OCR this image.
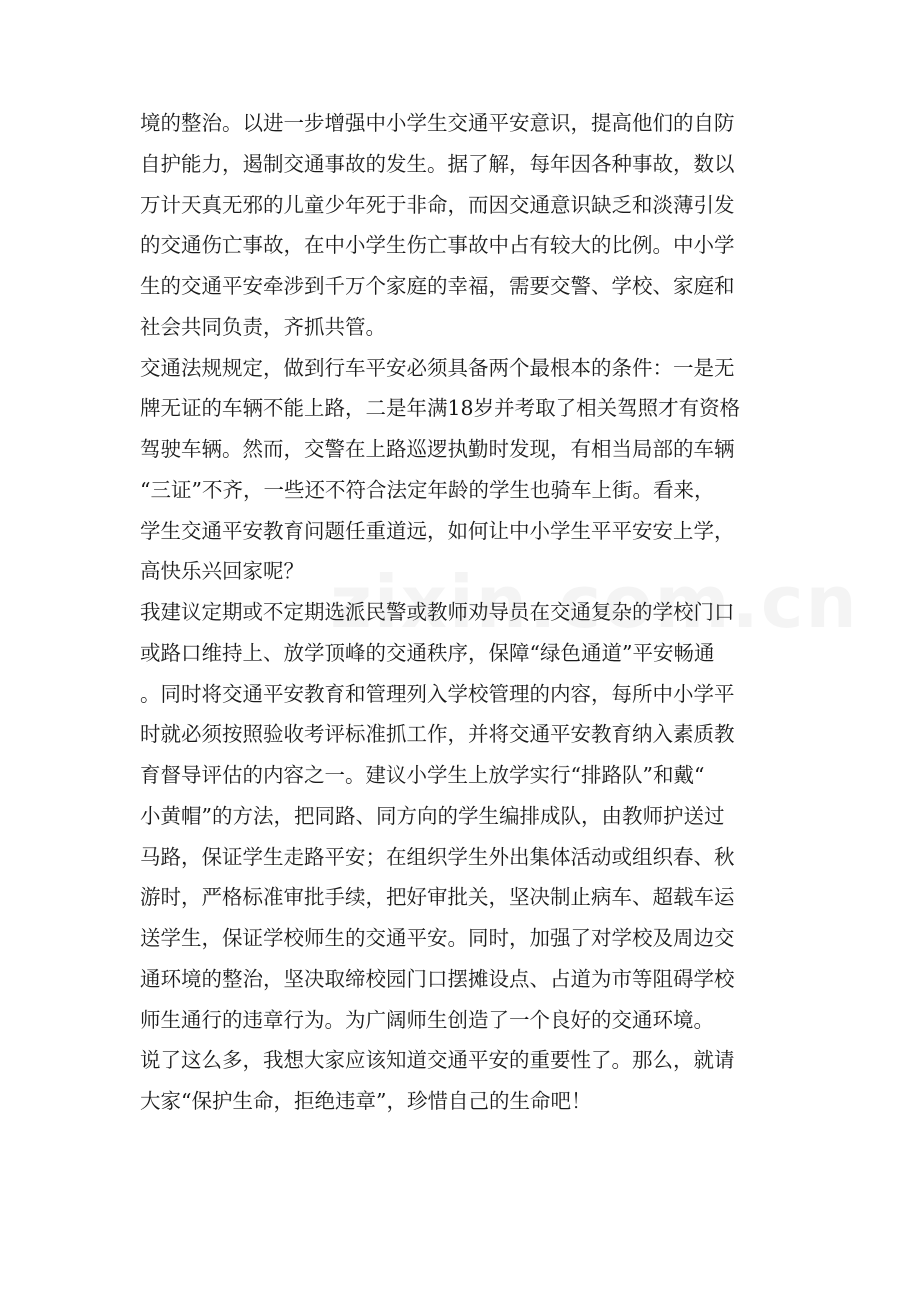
境的整治。以进一步增强中小学生交通平安意识，提高他们的自防
自护能力，遏制交通事故的发生。据了解，每年因各种事故，数以
万计天真无邪的儿童少年死于非命，而因交通意识缺乏和淡薄引发
的交通伤亡事故，在中小学生伤亡事故中占有较大的比例。中小学
生的交通平安牵涉到千万个家庭的幸福，需要交警、学校、家庭和
社会共同负责，齐抓共管。
交通法规规定，做到行车平安必须具备两个最根本的条件：一是无
牌无证的车辆不能上路，二是年满18岁并考取了相关驾照才有资格
驾驶车辆。然而，交警在上路巡逻执勤时发现，有相当局部的车辆
“三证”不齐，一些还不符合法定年龄的学生也骑车上街。看来，
学生交通平安教育问题任重道远，如何让中小学生平平安安上学，
高快乐兴回家呢？
我建议定期或不定期选派民警或教师劝导员在交通复杂的学校门口
或路口维持上、放学顶峰的交通秩序，保障“绿色通道”平安畅通
。同时将交通平安教育和管理列入学校管理的内容，每所中小学平
时就必须按照验收考评标准抓工作，并将交通平安教育纳入素质教
育督导评估的内容之一。建议小学生上放学实行“排路队”和戴“
小黄帽”的方法，把同路、同方向的学生编排成队，由教师护送过
马路，保证学生走路平安；在组织学生外出集体活动或组织春、秋
游时，严格标准审批手续，把好审批关，坚决制止病车、超载车运
送学生，保证学校师生的交通平安。同时，加强了对学校及周边交
通环境的整治，坚决取缔校园门口摆摊设点、占道为市等阻碍学校
师生通行的违章行为。为广阔师生创造了一个良好的交通环境。
说了这么多，我想大家应该知道交通平安的重要性了。那么，就请
大家“保护生命，拒绝违章”，珍惜自己的生命吧！
